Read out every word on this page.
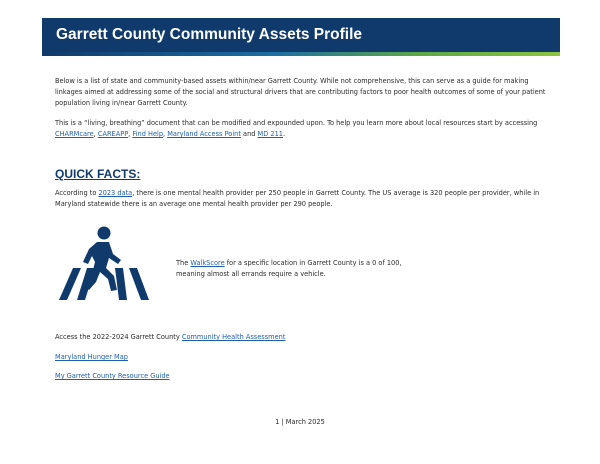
Garrett County Community Assets Profile

Below is a list of state and community-based assets within/near Garrett County. While not comprehensive, this can serve as a guide for making linkages aimed at addressing some of the social and structural drivers that are contributing factors to poor health outcomes of some of your patient population living in/near Garrett County.

This is a “living, breathing” document that can be modified and expounded upon. To help you learn more about local resources start by accessing CHARMcare, CAREAPP, Find Help, Maryland Access Point and MD 211.

QUICK FACTS:

According to 2023 data, there is one mental health provider per 250 people in Garrett County. The US average is 320 people per provider, while in Maryland statewide there is an average one mental health provider per 290 people.

The WalkScore for a specific location in Garrett County is a 0 of 100,
meaning almost all errands require a vehicle.
Access the 2022-2024 Garrett County Community Health Assessment
Maryland Hunger Map
My Garrett County Resource Guide
1 | March 2025
